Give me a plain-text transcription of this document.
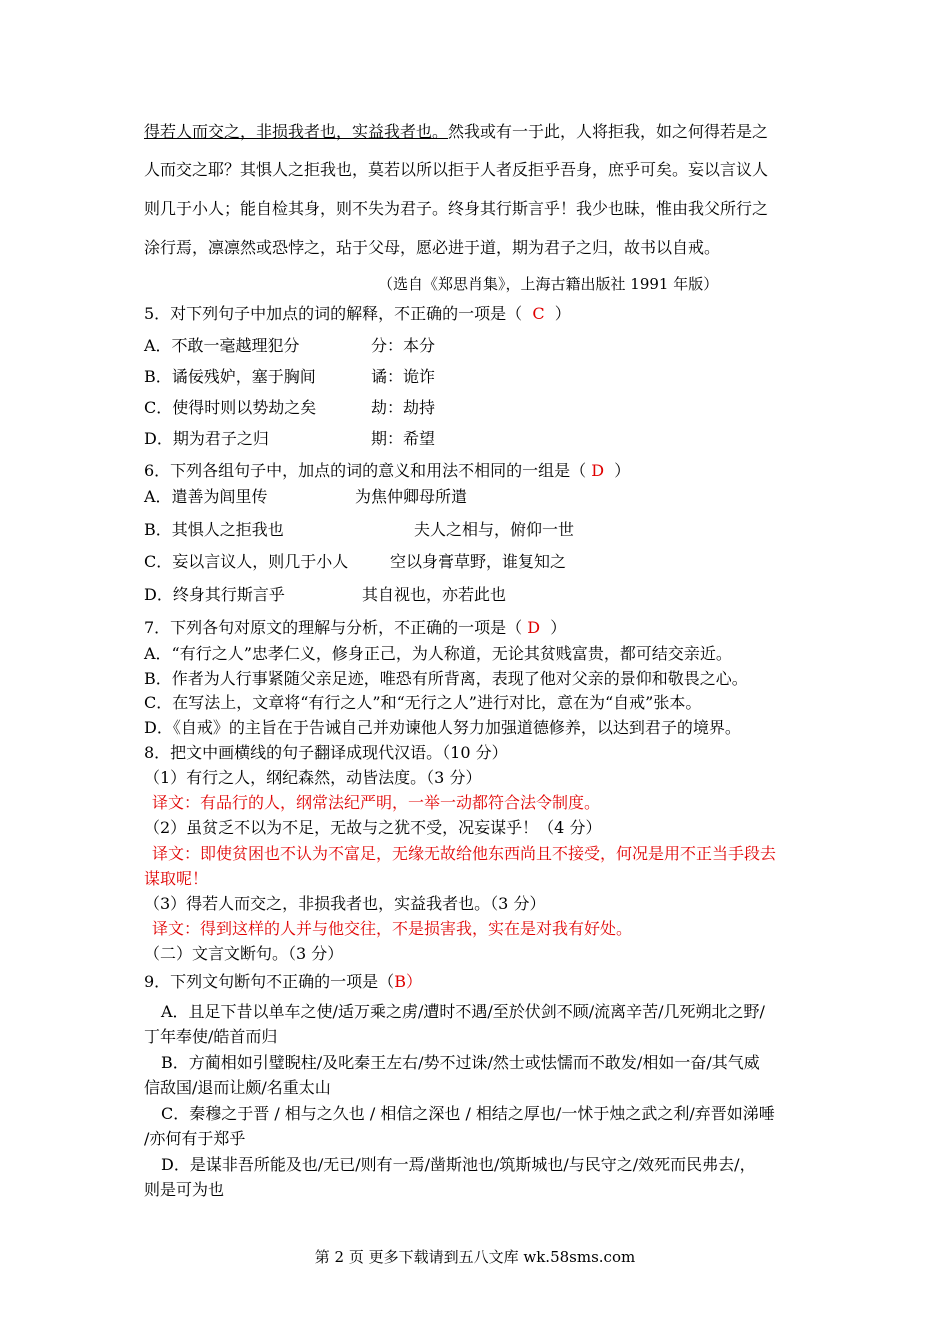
得若人而交之，非损我者也，实益我者也。然我或有一于此，人将拒我，如之何得若是之
人而交之耶？其惧人之拒我也，莫若以所以拒于人者反拒乎吾身，庶乎可矣。妄以言议人
则几于小人；能自检其身，则不失为君子。终身其行斯言乎！我少也昧，惟由我父所行之
涂行焉，凛凛然或恐悖之，玷于父母，愿必进于道，期为君子之归，故书以自戒。
（选自《郑思肖集》，上海古籍出版社 1991 年版）
5．对下列句子中加点的词的解释，不正确的一项是（ C ）
A．不敢一毫越理犯分	分：本分
B．谲佞残妒，塞于胸间	谲：诡诈
C．使得时则以势劫之矣	劫：劫持
D．期为君子之归	期：希望
6．下列各组句子中，加点的词的意义和用法不相同的一组是（ D ）
A．遣善为闾里传	为焦仲卿母所遣
B．其惧人之拒我也	夫人之相与，俯仰一世
C．妄以言议人，则几于小人	空以身膏草野，谁复知之
D．终身其行斯言乎	其自视也，亦若此也
7．下列各句对原文的理解与分析，不正确的一项是（ D ）
A．“有行之人”忠孝仁义，修身正己，为人称道，无论其贫贱富贵，都可结交亲近。
B．作者为人行事紧随父亲足迹，唯恐有所背离，表现了他对父亲的景仰和敬畏之心。
C．在写法上，文章将“有行之人”和“无行之人”进行对比，意在为“自戒”张本。
D．《自戒》的主旨在于告诫自己并劝谏他人努力加强道德修养，以达到君子的境界。
8．把文中画横线的句子翻译成现代汉语。（10 分）
（1）有行之人，纲纪森然，动皆法度。（3 分）
译文：有品行的人，纲常法纪严明，一举一动都符合法令制度。
（2）虽贫乏不以为不足，无故与之犹不受，况妄谋乎！（4 分）
译文：即使贫困也不认为不富足，无缘无故给他东西尚且不接受，何况是用不正当手段去
谋取呢！
（3）得若人而交之，非损我者也，实益我者也。（3 分）
译文：得到这样的人并与他交往，不是损害我，实在是对我有好处。
（二）文言文断句。（3 分）
9．下列文句断句不正确的一项是（B）
A．且足下昔以单车之使/适万乘之虏/遭时不遇/至於伏剑不顾/流离辛苦/几死朔北之野/
丁年奉使/皓首而归
B．方蔺相如引璧睨柱/及叱秦王左右/势不过诛/然士或怯懦而不敢发/相如一奋/其气威
信敌国/退而让颇/名重太山
C．秦穆之于晋 / 相与之久也 / 相信之深也 / 相结之厚也/一怵于烛之武之利/弃晋如涕唾
/亦何有于郑乎
D．是谋非吾所能及也/无已/则有一焉/凿斯池也/筑斯城也/与民守之/效死而民弗去/，
则是可为也
第 2 页 更多下载请到五八文库 wk.58sms.com
